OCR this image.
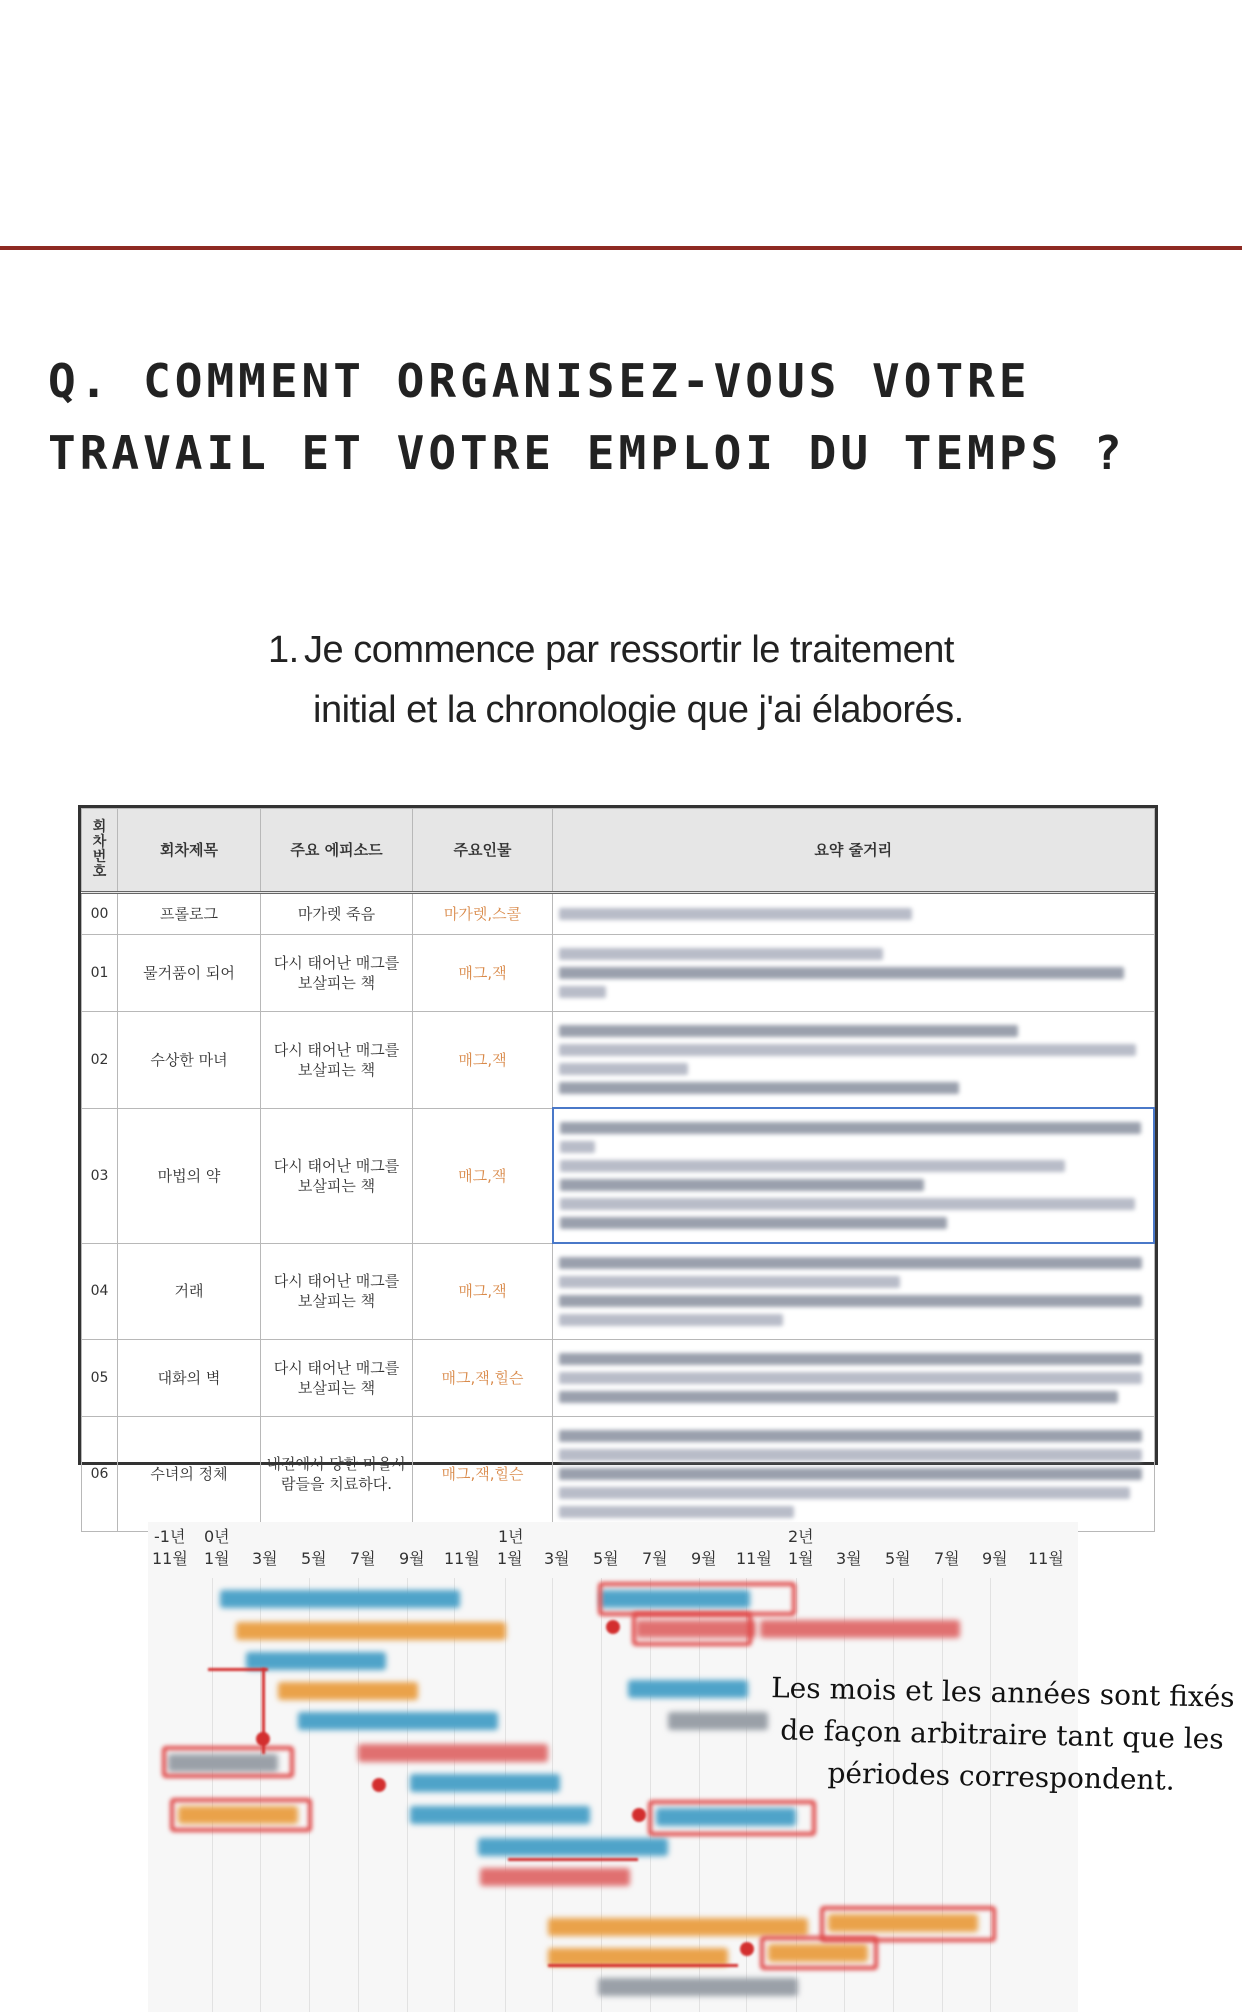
Q. COMMENT ORGANISEZ-VOUS VOTRE
TRAVAIL ET VOTRE EMPLOI DU TEMPS ?
1. Je commence par ressortir le traitement
initial et la chronologie que j'ai élaborés.
회
차
번
호	회차제목	주요 에피소드	주요인물	요약 줄거리
00	프롤로그	마가렛 죽음	마가렛,스콜	

01	물거품이 되어	다시 태어난 매그를 보살피는 책	매그,잭	

02	수상한 마녀	다시 태어난 매그를 보살피는 책	매그,잭	

03	마법의 약	다시 태어난 매그를 보살피는 책	매그,잭	

04	거래	다시 태어난 매그를 보살피는 책	매그,잭	

05	대화의 벽	다시 태어난 매그를 보살피는 책	매그,잭,힐슨	

06	수녀의 정체	내전에서 당한 마을사람들을 치료하다.	매그,잭,힐슨	
-1년 0년	1년	2년
11월 1월 3월 5월 7월 9월 11월 1월 3월 5월 7월 9월 11월 1월 3월 5월 7월 9월 11월
Les mois et les années sont fixés
de façon arbitraire tant que les
périodes correspondent.
